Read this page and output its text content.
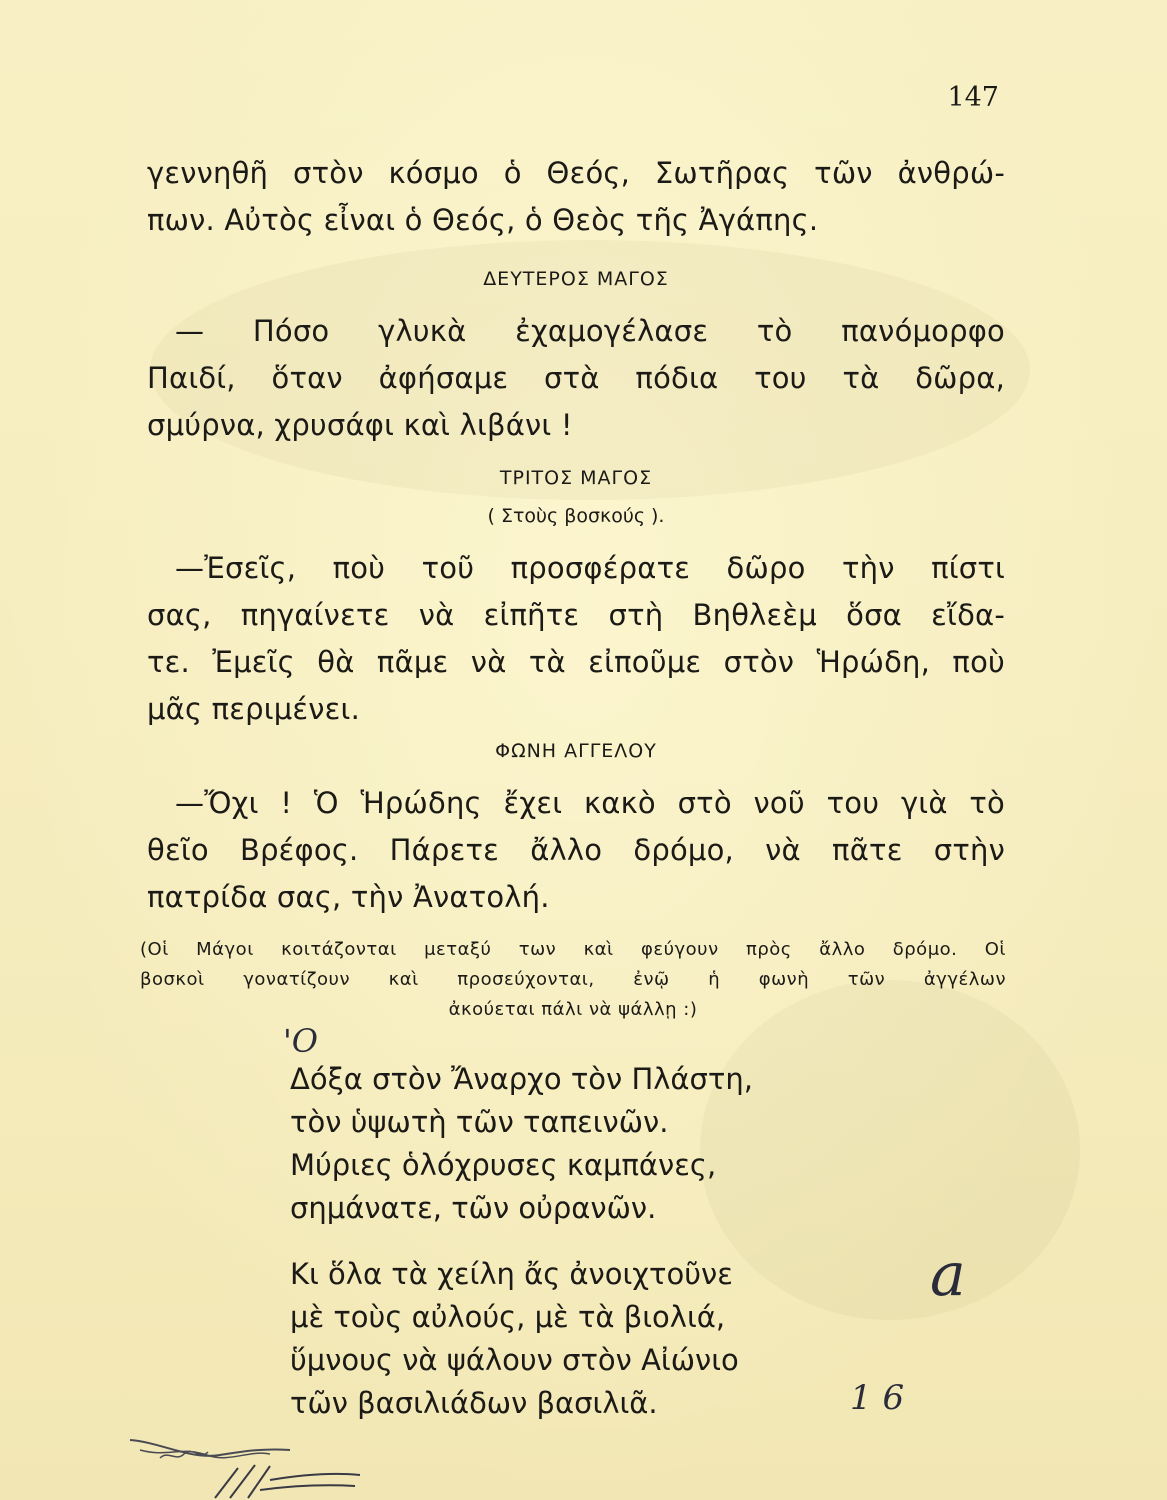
147
γεννηθῆ στὸν κόσμο ὁ Θεός, Σωτῆρας τῶν ἀνθρώ-
πων. Αὐτὸς εἶναι ὁ Θεός, ὁ Θεὸς τῆς Ἀγάπης.
ΔΕΥΤΕΡΟΣ ΜΑΓΟΣ
— Πόσο γλυκὰ ἐχαμογέλασε τὸ πανόμορφο
Παιδί, ὅταν ἀφήσαμε στὰ πόδια του τὰ δῶρα,
σμύρνα, χρυσάφι καὶ λιβάνι !
ΤΡΙΤΟΣ ΜΑΓΟΣ
( Στοὺς βοσκούς ).
—Ἐσεῖς, ποὺ τοῦ προσφέρατε δῶρο τὴν πίστι
σας, πηγαίνετε νὰ εἰπῆτε στὴ Βηθλεὲμ ὅσα εἴδα-
τε. Ἐμεῖς θὰ πᾶμε νὰ τὰ εἰποῦμε στὸν Ἡρώδη, ποὺ
μᾶς περιμένει.
ΦΩΝΗ ΑΓΓΕΛΟΥ
—Ὄχι ! Ὁ Ἡρώδης ἔχει κακὸ στὸ νοῦ του γιὰ τὸ
θεῖο Βρέφος. Πάρετε ἄλλο δρόμο, νὰ πᾶτε στὴν
πατρίδα σας, τὴν Ἀνατολή.
(Οἱ Μάγοι κοιτάζονται μεταξύ των καὶ φεύγουν πρὸς ἄλλο δρόμο. Οἱ
βοσκοὶ γονατίζουν καὶ προσεύχονται, ἐνῷ ἡ φωνὴ τῶν ἀγγέλων
ἀκούεται πάλι νὰ ψάλλῃ :)
Δόξα στὸν Ἄναρχο τὸν Πλάστη,
τὸν ὑψωτὴ τῶν ταπεινῶν.
Μύριες ὁλόχρυσες καμπάνες,
σημάνατε, τῶν οὐρανῶν.
Κι ὅλα τὰ χείλη ἄς ἀνοιχτοῦνε
μὲ τοὺς αὐλούς, μὲ τὰ βιολιά,
ὕμνους νὰ ψάλουν στὸν Αἰώνιο
τῶν βασιλιάδων βασιλιᾶ.
'O
a
1 6
